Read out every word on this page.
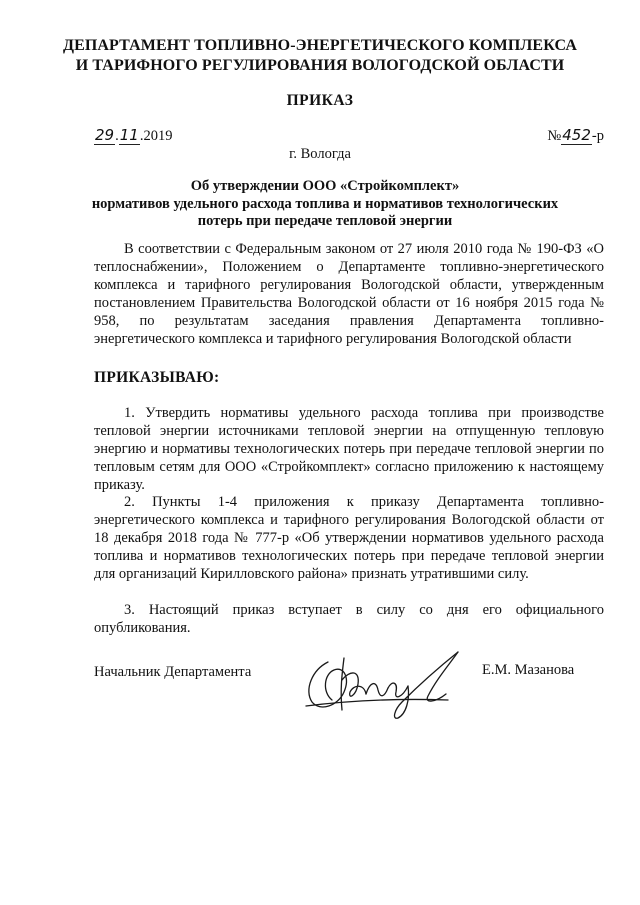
ДЕПАРТАМЕНТ ТОПЛИВНО-ЭНЕРГЕТИЧЕСКОГО КОМПЛЕКСА
И ТАРИФНОГО РЕГУЛИРОВАНИЯ ВОЛОГОДСКОЙ ОБЛАСТИ
ПРИКАЗ
29.11.2019	№452-р
г. Вологда
Об утверждении ООО «Стройкомплект»
нормативов удельного расхода топлива и нормативов технологических
потерь при передаче тепловой энергии

В соответствии с Федеральным законом от 27 июля 2010 года № 190-ФЗ «О теплоснабжении», Положением о Департаменте топливно-энергетического комплекса и тарифного регулирования Вологодской области, утвержденным постановлением Правительства Вологодской области от 16 ноября 2015 года № 958, по результатам заседания правления Департамента топливно-энергетического комплекса и тарифного регулирования Вологодской области

ПРИКАЗЫВАЮ:

1. Утвердить нормативы удельного расхода топлива при производстве тепловой энергии источниками тепловой энергии на отпущенную тепловую энергию и нормативы технологических потерь при передаче тепловой энергии по тепловым сетям для ООО «Стройкомплект» согласно приложению к настоящему приказу.

2. Пункты 1-4 приложения к приказу Департамента топливно-энергетического комплекса и тарифного регулирования Вологодской области от 18 декабря 2018 года № 777-р «Об утверждении нормативов удельного расхода топлива и нормативов технологических потерь при передаче тепловой энергии для организаций Кирилловского района» признать утратившими силу.

3. Настоящий приказ вступает в силу со дня его официального опубликования.

Начальник Департамента	Е.М. Мазанова
